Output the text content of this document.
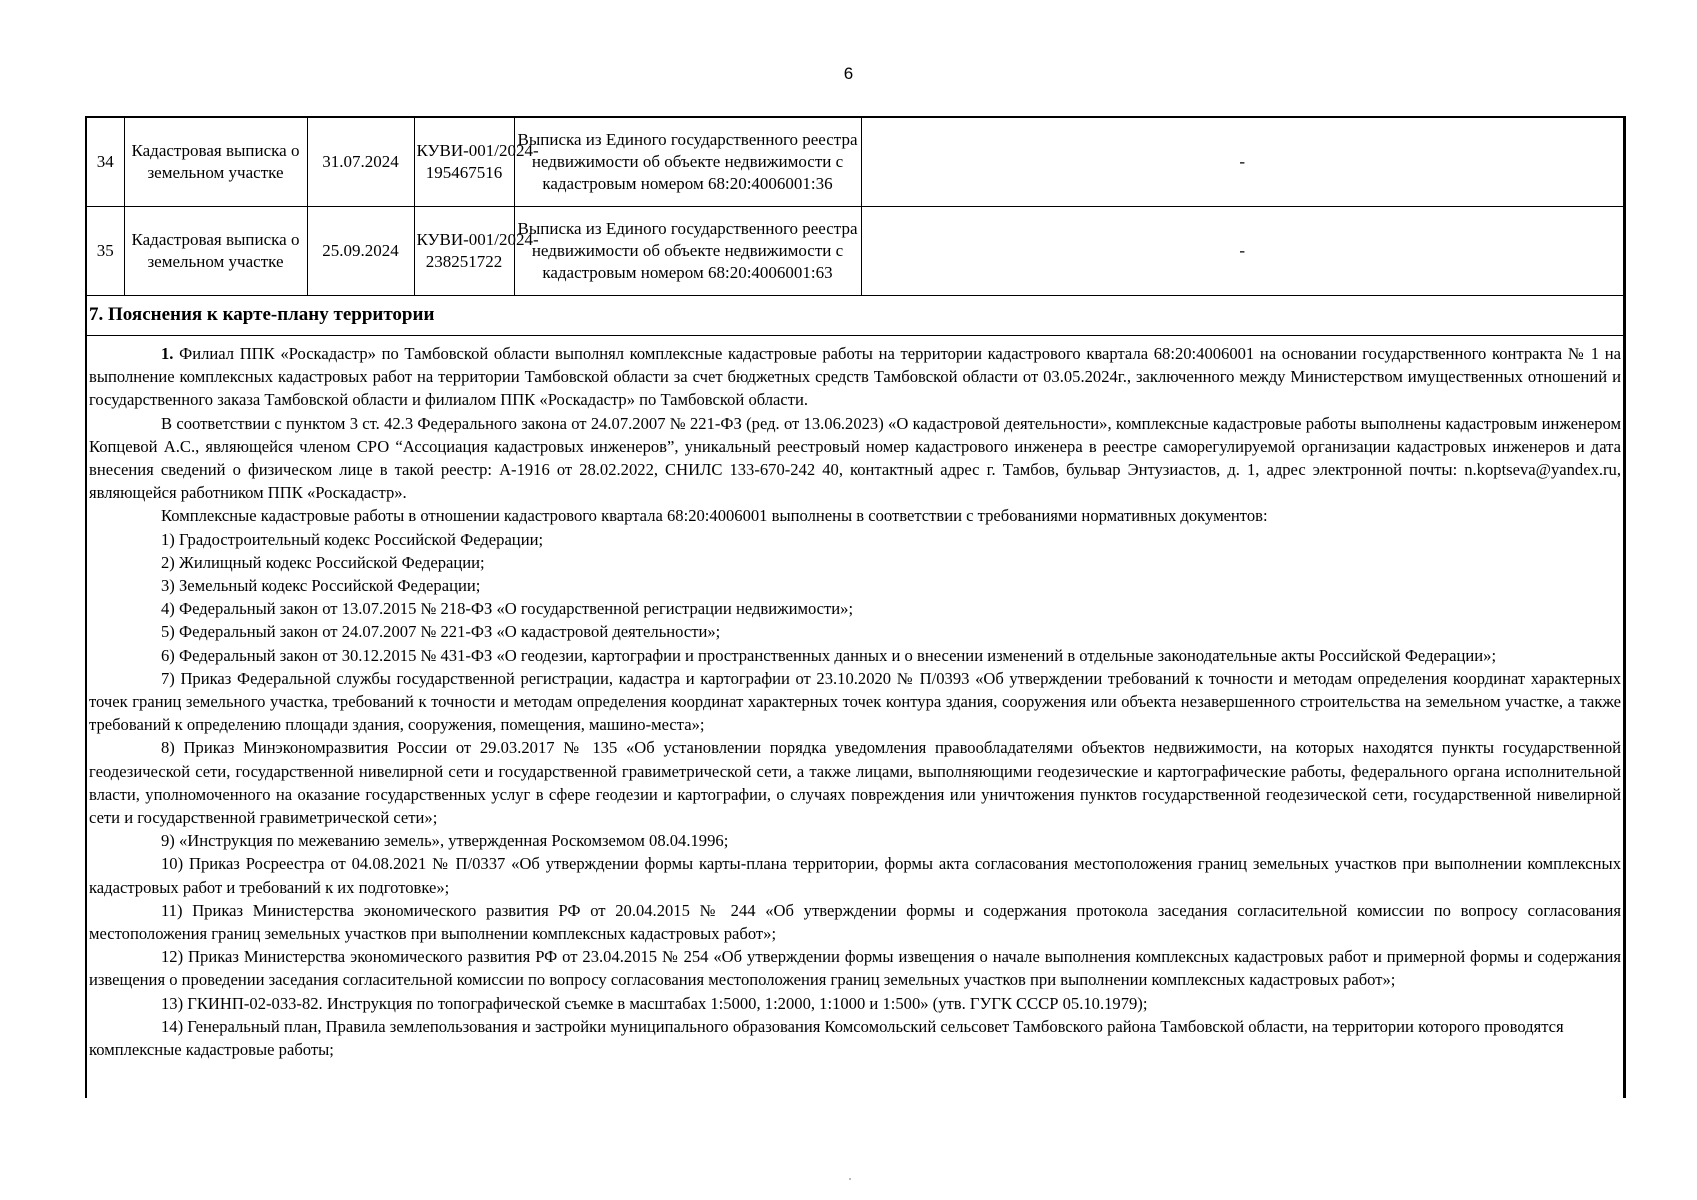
6
34	Кадастровая выписка о земельном участке	31.07.2024	КУВИ-001/2024-195467516	Выписка из Единого государственного реестра недвижимости об объекте недвижимости с кадастровым номером 68:20:4006001:36	-
35	Кадастровая выписка о земельном участке	25.09.2024	КУВИ-001/2024-238251722	Выписка из Единого государственного реестра недвижимости об объекте недвижимости с кадастровым номером 68:20:4006001:63	-
7. Пояснения к карте-плану территории

1. Филиал ППК «Роскадастр» по Тамбовской области выполнял комплексные кадастровые работы на территории кадастрового квартала 68:20:4006001 на основании государственного контракта № 1 на выполнение комплексных кадастровых работ на территории Тамбовской области за счет бюджетных средств Тамбовской области от 03.05.2024г., заключенного между Министерством имущественных отношений и государственного заказа Тамбовской области и филиалом ППК «Роскадастр» по Тамбовской области.

В соответствии с пунктом 3 ст. 42.3 Федерального закона от 24.07.2007 № 221-ФЗ (ред. от 13.06.2023) «О кадастровой деятельности», комплексные кадастровые работы выполнены кадастровым инженером Копцевой А.С., являющейся членом СРО “Ассоциация кадастровых инженеров”, уникальный реестровый номер кадастрового инженера в реестре саморегулируемой организации кадастровых инженеров и дата внесения сведений о физическом лице в такой реестр: А-1916 от 28.02.2022, СНИЛС 133-670-242 40, контактный адрес г. Тамбов, бульвар Энтузиастов, д. 1, адрес электронной почты: n.koptseva@yandex.ru, являющейся работником ППК «Роскадастр».

Комплексные кадастровые работы в отношении кадастрового квартала 68:20:4006001 выполнены в соответствии с требованиями нормативных документов:

1) Градостроительный кодекс Российской Федерации;

2) Жилищный кодекс Российской Федерации;

3) Земельный кодекс Российской Федерации;

4) Федеральный закон от 13.07.2015 № 218-ФЗ «О государственной регистрации недвижимости»;

5) Федеральный закон от 24.07.2007 № 221-ФЗ «О кадастровой деятельности»;

6) Федеральный закон от 30.12.2015 № 431-ФЗ «О геодезии, картографии и пространственных данных и о внесении изменений в отдельные законодательные акты Российской Федерации»;

7) Приказ Федеральной службы государственной регистрации, кадастра и картографии от 23.10.2020 № П/0393 «Об утверждении требований к точности и методам определения координат характерных точек границ земельного участка, требований к точности и методам определения координат характерных точек контура здания, сооружения или объекта незавершенного строительства на земельном участке, а также требований к определению площади здания, сооружения, помещения, машино-места»;

8) Приказ Минэкономразвития России от 29.03.2017 № 135 «Об установлении порядка уведомления правообладателями объектов недвижимости, на которых находятся пункты государственной геодезической сети, государственной нивелирной сети и государственной гравиметрической сети, а также лицами, выполняющими геодезические и картографические работы, федерального органа исполнительной власти, уполномоченного на оказание государственных услуг в сфере геодезии и картографии, о случаях повреждения или уничтожения пунктов государственной геодезической сети, государственной нивелирной сети и государственной гравиметрической сети»;

9) «Инструкция по межеванию земель», утвержденная Роскомземом 08.04.1996;

10) Приказ Росреестра от 04.08.2021 № П/0337 «Об утверждении формы карты-плана территории, формы акта согласования местоположения границ земельных участков при выполнении комплексных кадастровых работ и требований к их подготовке»;

11) Приказ Министерства экономического развития РФ от 20.04.2015 № 244 «Об утверждении формы и содержания протокола заседания согласительной комиссии по вопросу согласования местоположения границ земельных участков при выполнении комплексных кадастровых работ»;

12) Приказ Министерства экономического развития РФ от 23.04.2015 № 254 «Об утверждении формы извещения о начале выполнения комплексных кадастровых работ и примерной формы и содержания извещения о проведении заседания согласительной комиссии по вопросу согласования местоположения границ земельных участков при выполнении комплексных кадастровых работ»;

13) ГКИНП-02-033-82. Инструкция по топографической съемке в масштабах 1:5000, 1:2000, 1:1000 и 1:500» (утв. ГУГК СССР 05.10.1979);

14) Генеральный план, Правила землепользования и застройки муниципального образования Комсомольский сельсовет Тамбовского района Тамбовской области, на территории которого проводятся комплексные кадастровые работы;
